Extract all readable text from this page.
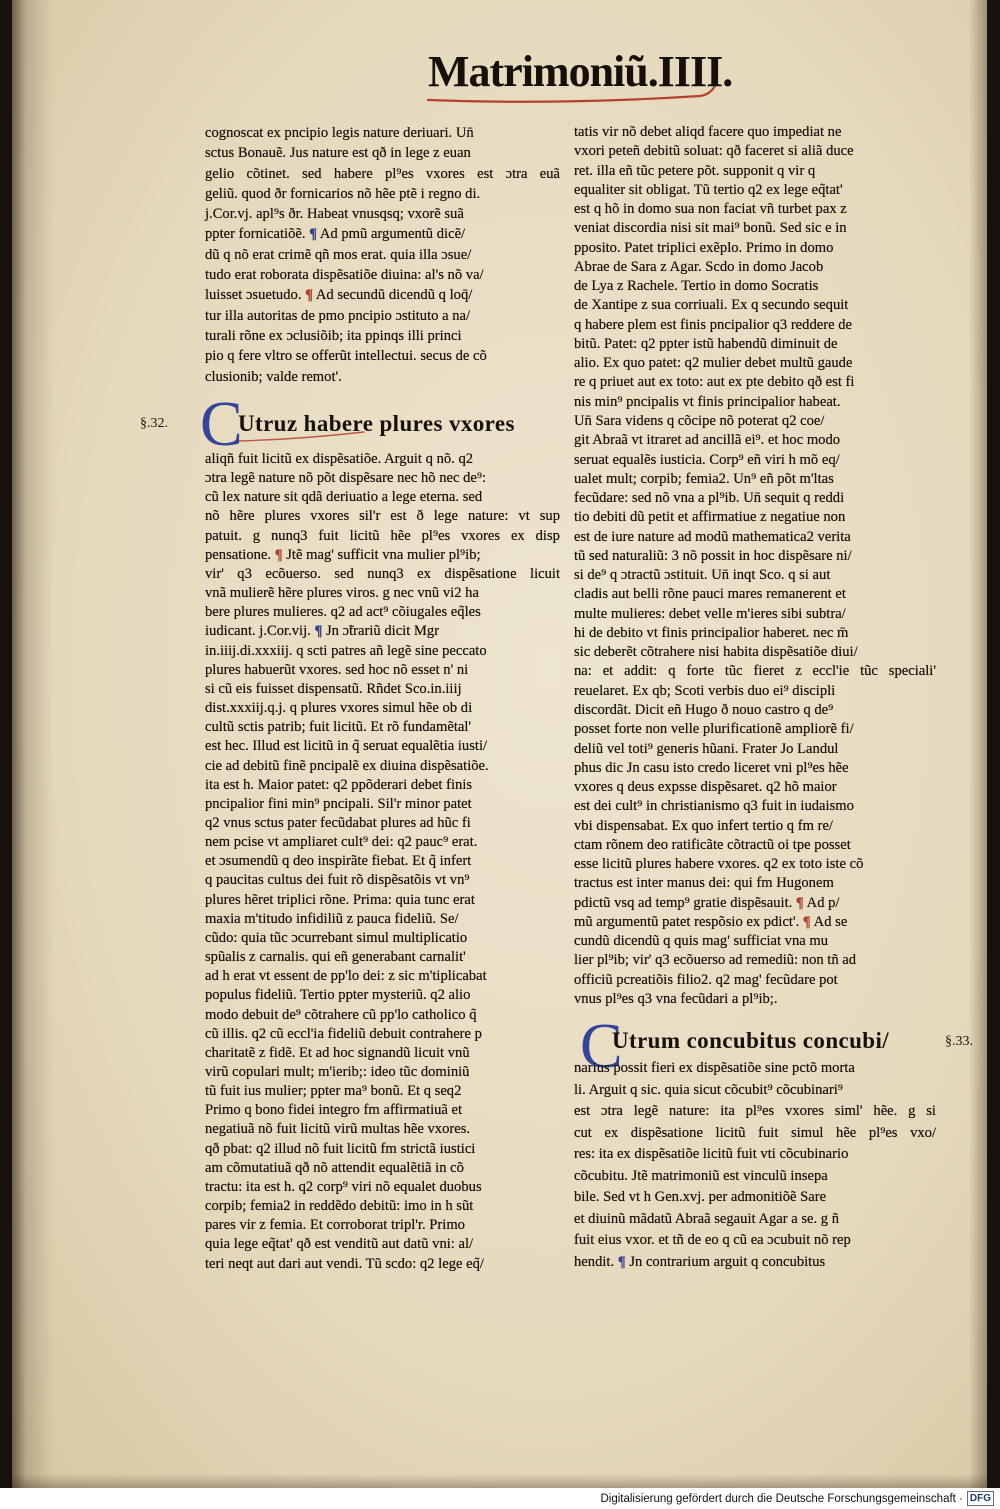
Matrimoniũ.IIII.
§.32.
§.33.
cognoscat ex pncipio legis nature deriuari. Un̄
sctus Bonauẽ. Jus nature est qð in lege z euan
gelio cõtinet. sed habere pl⁹es vxores est ɔtra euã
geliũ. quod ðr fornicarios nõ hẽe ptẽ i regno di.
j.Cor.vj. apl⁹s ðr. Habeat vnusqsq; vxorẽ suã
ppter fornicatiõẽ. ¶ Ad pmũ argumentũ dicẽ/
dũ q nõ erat crimẽ qñ mos erat. quia illa ɔsue/
tudo erat roborata dispẽsatiõe diuina: al's nõ va/
luisset ɔsuetudo. ¶ Ad secundũ dicendũ q loq̄/
tur illa autoritas de pmo pncipio ɔstituto a na/
turali rõne ex ɔclusiõib; ita ppinqs illi princi
pio q fere vltro se offerũt intellectui. secus de cõ
clusionib; valde remot'.
C
Utruz habere plures vxores
aliqñ fuit licitũ ex dispẽsatiõe. Arguit q nõ. q2
ɔtra legẽ nature nõ põt dispẽsare nec hõ nec de⁹:
cũ lex nature sit qdã deriuatio a lege eterna. sed
nõ hẽre plures vxores sil'r est ð lege nature: vt sup
patuit. g nunq3 fuit licitũ hẽe pl⁹es vxores ex disp
pensatione. ¶ Jtẽ mag' sufficit vna mulier pl⁹ib;
vir' q3 ecõuerso. sed nunq3 ex dispẽsatione licuit
vnã mulierẽ hẽre plures viros. g nec vnũ vi2 ha
bere plures mulieres. q2 ad act⁹ cõiugales eq̃les
iudicant. j.Cor.vij. ¶ Jn ɔ̃trariũ dicit Mgr
in.iiij.di.xxxiij. q scti patres añ legẽ sine peccato
plures habuerũt vxores. sed hoc nõ esset n' ni
si cũ eis fuisset dispensatũ. Rñdet Sco.in.iiij
dist.xxxiij.q.j. q plures vxores simul hẽe ob di
cultũ sctis patrib; fuit licitũ. Et rõ fundamẽtal'
est hec. Illud est licitũ in q̃ seruat equalẽtia iusti/
cie ad debitũ finẽ pncipalẽ ex diuina dispẽsatiõe.
ita est h. Maior patet: q2 ppõderari debet finis
pncipalior fini min⁹ pncipali. Sil'r minor patet
q2 vnus sctus pater fecũdabat plures ad hũc fi
nem pcise vt ampliaret cult⁹ dei: q2 pauc⁹ erat.
et ɔsumendũ q deo inspirãte fiebat. Et q̃ infert
q paucitas cultus dei fuit rõ dispẽsatõis vt vn⁹
plures hẽret triplici rõne. Prima: quia tunc erat
maxia m'titudo infidiliũ z pauca fideliũ. Se/
cũdo: quia tũc ɔcurrebant simul multiplicatio
spũalis z carnalis. qui eñ generabant carnalit'
ad h erat vt essent de pp'lo dei: z sic m'tiplicabat
populus fideliũ. Tertio ppter mysteriũ. q2 alio
modo debuit de⁹ cõtrahere cũ pp'lo catholico q̃
cũ illis. q2 cũ eccl'ia fideliũ debuit contrahere p
charitatẽ z fidẽ. Et ad hoc signandũ licuit vnũ
virũ copulari mult; m'ierib;: ideo tũc dominiũ
tũ fuit ius mulier; ppter ma⁹ bonũ. Et q seq2
Primo q bono fidei integro fm affirmatiuã et
negatiuã nõ fuit licitũ virũ multas hẽe vxores.
qð pbat: q2 illud nõ fuit licitũ fm strictã iustici
am cõmutatiuã qð nõ attendit equalẽtiã in cõ
tractu: ita est h. q2 corp⁹ viri nõ equalet duobus
corpib; femia2 in reddẽdo debitũ: imo in h sũt
pares vir z femia. Et corroborat tripl'r. Primo
quia lege eq̃tat' qð est venditũ aut datũ vni: al/
teri neqt aut dari aut vendi. Tũ scdo: q2 lege eq̃/
tatis vir nõ debet aliqd facere quo impediat ne
vxori peteñ debitũ soluat: qð faceret si aliã duce
ret. illa eñ tũc petere põt. supponit q vir q
equaliter sit obligat. Tũ tertio q2 ex lege eq̃tat'
est q hõ in domo sua non faciat vñ turbet pax z
veniat discordia nisi sit mai⁹ bonũ. Sed sic e in
pposito. Patet triplici exẽplo. Primo in domo
Abrae de Sara z Agar. Scdo in domo Jacob
de Lya z Rachele. Tertio in domo Socratis
de Xantipe z sua corriuali. Ex q secundo sequit
q habere plem est finis pncipalior q3 reddere de
bitũ. Patet: q2 ppter istũ habendũ diminuit de
alio. Ex quo patet: q2 mulier debet multũ gaude
re q priuet aut ex toto: aut ex pte debito qð est fi
nis min⁹ pncipalis vt finis principalior habeat.
Un̄ Sara videns q cõcipe nõ poterat q2 coe/
git Abraã vt itraret ad ancillã ei⁹. et hoc modo
seruat equalẽs iusticia. Corp⁹ eñ viri h mõ eq/
ualet mult; corpib; femia2. Un⁹ eñ põt m'ltas
fecũdare: sed nõ vna a pl⁹ib. Un̄ sequit q reddi
tio debiti dũ petit et affirmatiue z negatiue non
est de iure nature ad modũ mathematica2 verita
tũ sed naturaliũ: 3 nõ possit in hoc dispẽsare ni/
si de⁹ q ɔtractũ ɔstituit. Un̄ inqt Sco. q si aut
cladis aut belli rõne pauci mares remanerent et
multe mulieres: debet velle m'ieres sibi subtra/
hi de debito vt finis principalior haberet. nec m̄
sic deberẽt cõtrahere nisi habita dispẽsatiõe diui/
na: et addit: q forte tũc fieret z eccl'ie tũc speciali'
reuelaret. Ex qb; Scoti verbis duo ei⁹ discipli
discordãt. Dicit eñ Hugo ð nouo castro q de⁹
posset forte non velle plurificationẽ ampliorẽ fi/
deliũ vel toti⁹ generis hũani. Frater Jo Landul
phus dic Jn casu isto credo liceret vni pl⁹es hẽe
vxores q deus expsse dispẽsaret. q2 hõ maior
est dei cult⁹ in christianismo q3 fuit in iudaismo
vbi dispensabat. Ex quo infert tertio q fm re/
ctam rõnem deo ratificãte cõtractũ oi tpe posset
esse licitũ plures habere vxores. q2 ex toto iste cõ
tractus est inter manus dei: qui fm Hugonem
pdictũ vsq ad temp⁹ gratie dispẽsauit. ¶ Ad p/
mũ argumentũ patet respõsio ex pdict'. ¶ Ad se
cundũ dicendũ q quis mag' sufficiat vna mu
lier pl⁹ib; vir' q3 ecõuerso ad remediũ: non tñ ad
officiũ pcreatiõis filio2. q2 mag' fecũdare pot
vnus pl⁹es q3 vna fecũdari a pl⁹ib;.
C
Utrum concubitus concubi/
narius possit fieri ex dispẽsatiõe sine pctõ morta
li. Arguit q sic. quia sicut cõcubit⁹ cõcubinari⁹
est ɔtra legẽ nature: ita pl⁹es vxores siml' hẽe. g si
cut ex dispẽsatione licitũ fuit simul hẽe pl⁹es vxo/
res: ita ex dispẽsatiõe licitũ fuit vti cõcubinario
cõcubitu. Jtẽ matrimoniũ est vinculũ insepa
bile. Sed vt h Gen.xvj. per admonitiõẽ Sare
et diuinũ mãdatũ Abraã segauit Agar a se. g ñ
fuit eius vxor. et tñ de eo q cũ ea ɔcubuit nõ rep
hendit. ¶ Jn contrarium arguit q concubitus
Digitalisierung gefördert durch die Deutsche Forschungsgemeinschaft · DFG
